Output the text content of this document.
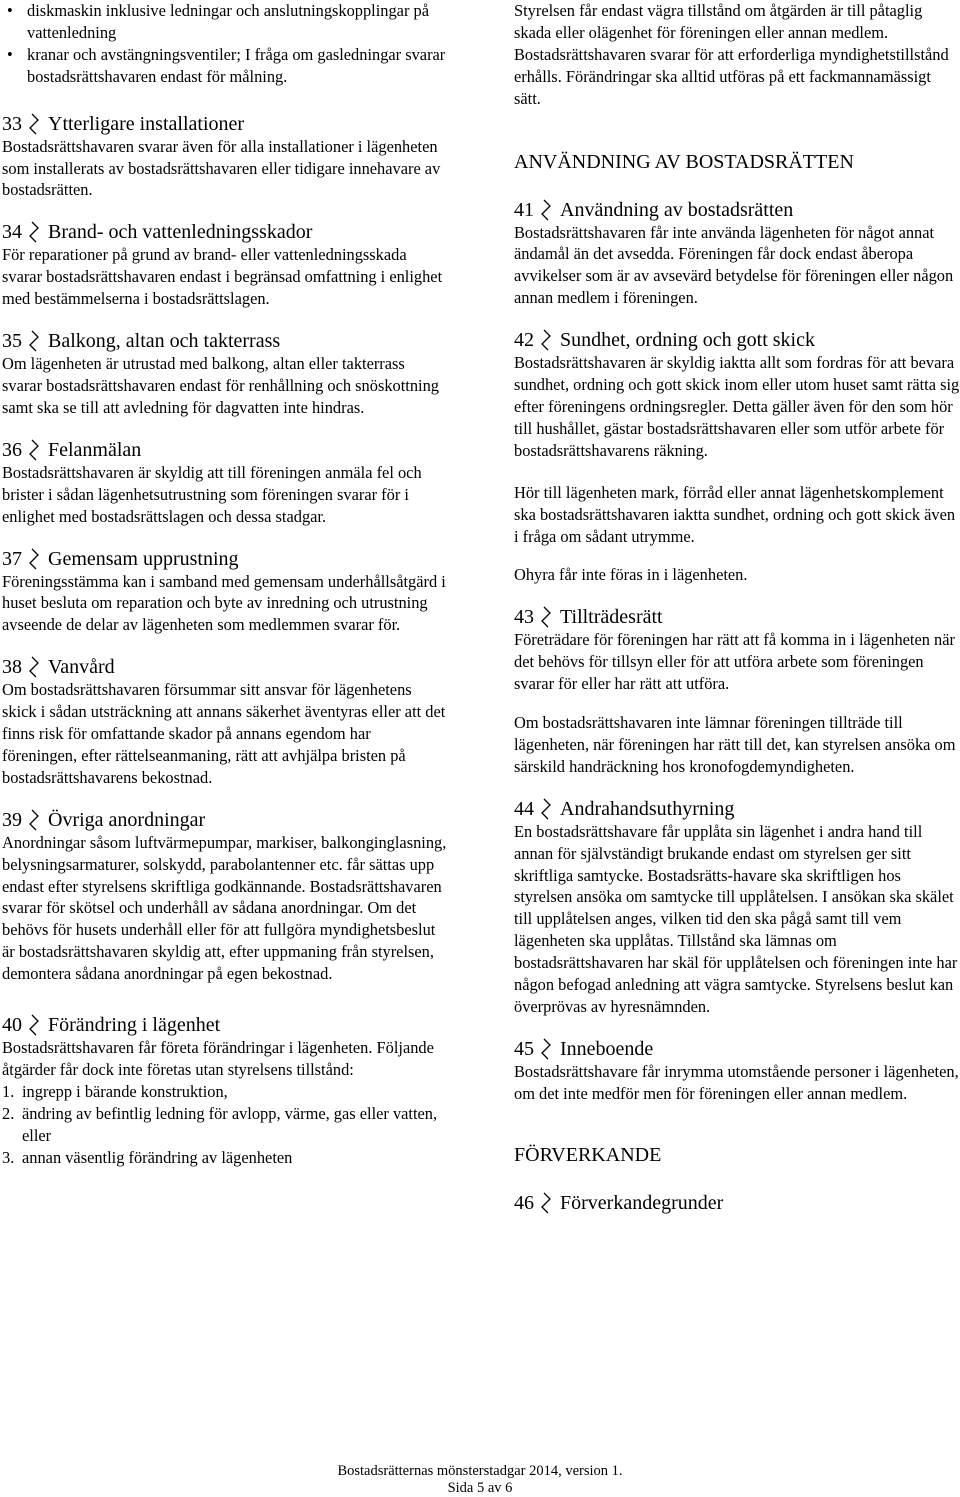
• diskmaskin inklusive ledningar och anslutningskopplingar på vattenledning

• kranar och avstängningsventiler; I fråga om gasledningar svarar bostadsrättshavaren endast för målning.

33 Ytterligare installationer

Bostadsrättshavaren svarar även för alla installationer i lägenheten som installerats av bostadsrättshavaren eller tidigare innehavare av bostadsrätten.

34 Brand- och vattenledningsskador

För reparationer på grund av brand- eller vattenledningsskada svarar bostadsrättshavaren endast i begränsad omfattning i enlighet med bestämmelserna i bostadsrättslagen.

35 Balkong, altan och takterrass

Om lägenheten är utrustad med balkong, altan eller takterrass svarar bostadsrättshavaren endast för renhållning och snöskottning samt ska se till att avledning för dagvatten inte hindras.

36 Felanmälan

Bostadsrättshavaren är skyldig att till föreningen anmäla fel och brister i sådan lägenhetsutrustning som föreningen svarar för i enlighet med bostadsrättslagen och dessa stadgar.

37 Gemensam upprustning

Föreningsstämma kan i samband med gemensam underhållsåtgärd i huset besluta om reparation och byte av inredning och utrustning avseende de delar av lägenheten som medlemmen svarar för.

38 Vanvård

Om bostadsrättshavaren försummar sitt ansvar för lägenhetens skick i sådan utsträckning att annans säkerhet äventyras eller att det finns risk för omfattande skador på annans egendom har föreningen, efter rättelseanmaning, rätt att avhjälpa bristen på bostadsrättshavarens bekostnad.

39 Övriga anordningar

Anordningar såsom luftvärmepumpar, markiser, balkonginglasning, belysningsarmaturer, solskydd, parabolantenner etc. får sättas upp endast efter styrelsens skriftliga godkännande. Bostadsrättshavaren svarar för skötsel och underhåll av sådana anordningar. Om det behövs för husets underhåll eller för att fullgöra myndighetsbeslut är bostadsrättshavaren skyldig att, efter uppmaning från styrelsen, demontera sådana anordningar på egen bekostnad.

40 Förändring i lägenhet

Bostadsrättshavaren får företa förändringar i lägenheten. Följande åtgärder får dock inte företas utan styrelsens tillstånd:

1. ingrepp i bärande konstruktion,

2. ändring av befintlig ledning för avlopp, värme, gas eller vatten, eller

3. annan väsentlig förändring av lägenheten

Styrelsen får endast vägra tillstånd om åtgärden är till påtaglig skada eller olägenhet för föreningen eller annan medlem. Bostadsrättshavaren svarar för att erforderliga myndighetstillstånd erhålls. Förändringar ska alltid utföras på ett fackmannamässigt sätt.

ANVÄNDNING AV BOSTADSRÄTTEN
41 Användning av bostadsrätten

Bostadsrättshavaren får inte använda lägenheten för något annat ändamål än det avsedda. Föreningen får dock endast åberopa avvikelser som är av avsevärd betydelse för föreningen eller någon annan medlem i föreningen.

42 Sundhet, ordning och gott skick

Bostadsrättshavaren är skyldig iaktta allt som fordras för att bevara sundhet, ordning och gott skick inom eller utom huset samt rätta sig efter föreningens ordningsregler. Detta gäller även för den som hör till hushållet, gästar bostadsrättshavaren eller som utför arbete för bostadsrättshavarens räkning.

Hör till lägenheten mark, förråd eller annat lägenhetskomplement ska bostadsrättshavaren iaktta sundhet, ordning och gott skick även i fråga om sådant utrymme.

Ohyra får inte föras in i lägenheten.

43 Tillträdesrätt

Företrädare för föreningen har rätt att få komma in i lägenheten när det behövs för tillsyn eller för att utföra arbete som föreningen svarar för eller har rätt att utföra.

Om bostadsrättshavaren inte lämnar föreningen tillträde till lägenheten, när föreningen har rätt till det, kan styrelsen ansöka om särskild handräckning hos kronofogdemyndigheten.

44 Andrahandsuthyrning

En bostadsrättshavare får upplåta sin lägenhet i andra hand till annan för självständigt brukande endast om styrelsen ger sitt skriftliga samtycke. Bostadsrätts-havare ska skriftligen hos styrelsen ansöka om samtycke till upplåtelsen. I ansökan ska skälet till upplåtelsen anges, vilken tid den ska pågå samt till vem lägenheten ska upplåtas. Tillstånd ska lämnas om bostadsrättshavaren har skäl för upplåtelsen och föreningen inte har någon befogad anledning att vägra samtycke. Styrelsens beslut kan överprövas av hyresnämnden.

45 Inneboende

Bostadsrättshavare får inrymma utomstående personer i lägenheten, om det inte medför men för föreningen eller annan medlem.

FÖRVERKANDE
46 Förverkandegrunder
Bostadsrätternas mönsterstadgar 2014, version 1.
Sida 5 av 6
